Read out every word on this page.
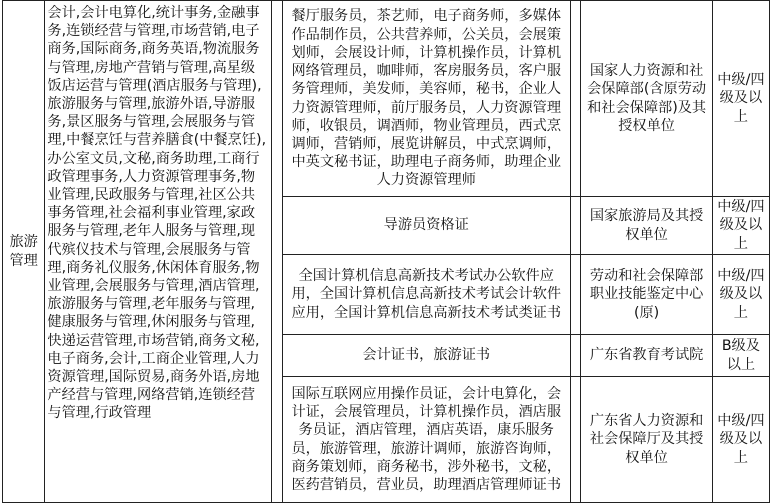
旅游管理	会计,会计电算化,统计事务,金融事务,连锁经营与管理,市场营销,电子商务,国际商务,商务英语,物流服务与管理,房地产营销与管理,高星级饭店运营与管理(酒店服务与管理),旅游服务与管理,旅游外语,导游服务,景区服务与管理,会展服务与管理,中餐烹饪与营养膳食(中餐烹饪),办公室文员,文秘,商务助理,工商行政管理事务,人力资源管理事务,物业管理,民政服务与管理,社区公共事务管理,社会福利事业管理,家政服务与管理,老年人服务与管理,现代殡仪技术与管理,会展服务与管理,商务礼仪服务,休闲体育服务,物业管理,会展服务与管理,酒店管理,旅游服务与管理,老年服务与管理,健康服务与管理,休闲服务与管理,快递运营管理,市场营销,商务文秘,电子商务,会计,工商企业管理,人力资源管理,国际贸易,商务外语,房地产经营与管理,网络营销,连锁经营与管理,行政管理		餐厅服务员，茶艺师，电子商务师，多媒体作品制作员，公共营养师，公关员，会展策划师，会展设计师，计算机操作员，计算机网络管理员，咖啡师，客房服务员，客户服务管理师，美发师，美容师，秘书，企业人力资源管理师，前厅服务员，人力资源管理师，收银员，调酒师，物业管理员，西式烹调师，营销师，展览讲解员，中式烹调师，中英文秘书证，助理电子商务师，助理企业人力资源管理师		国家人力资源和社会保障部(含原劳动和社会保障部)及其授权单位	中级/四级及以上

			导游员资格证		国家旅游局及其授权单位	中级/四级及以上

			全国计算机信息高新技术考试办公软件应用，全国计算机信息高新技术考试会计软件应用，全国计算机信息高新技术考试类证书		劳动和社会保障部职业技能鉴定中心(原)	中级/四级及以上

			会计证书，旅游证书		广东省教育考试院	B级及以上

			国际互联网应用操作员证，会计电算化，会计证，会展管理员，计算机操作员，酒店服务员证，酒店管理，酒店英语，康乐服务员，旅游管理，旅游计调师，旅游咨询师，商务策划师，商务秘书，涉外秘书，文秘，医药营销员，营业员，助理酒店管理师证书		广东省人力资源和社会保障厅及其授权单位	中级/四级及以上
